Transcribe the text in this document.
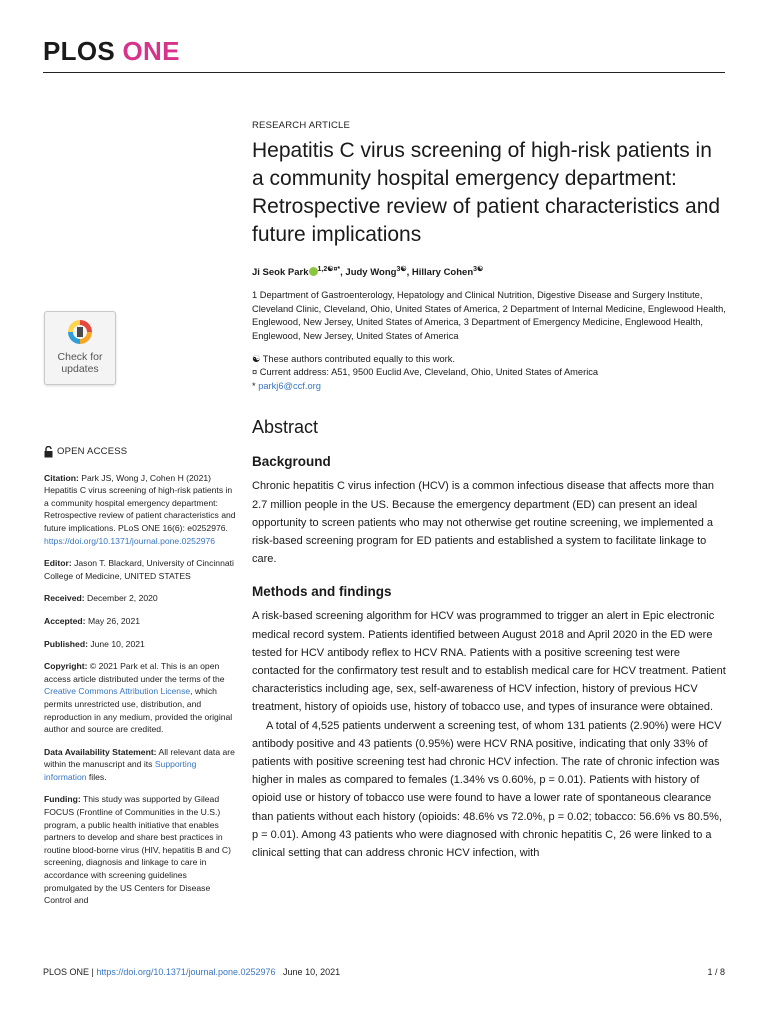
PLOS ONE
Check for
updates
OPEN ACCESS

Citation: Park JS, Wong J, Cohen H (2021) Hepatitis C virus screening of high-risk patients in a community hospital emergency department: Retrospective review of patient characteristics and future implications. PLoS ONE 16(6): e0252976. https://doi.org/10.1371/journal.pone.0252976

Editor: Jason T. Blackard, University of Cincinnati College of Medicine, UNITED STATES

Received: December 2, 2020

Accepted: May 26, 2021

Published: June 10, 2021

Copyright: © 2021 Park et al. This is an open access article distributed under the terms of the Creative Commons Attribution License, which permits unrestricted use, distribution, and reproduction in any medium, provided the original author and source are credited.

Data Availability Statement: All relevant data are within the manuscript and its Supporting information files.

Funding: This study was supported by Gilead FOCUS (Frontline of Communities in the U.S.) program, a public health initiative that enables partners to develop and share best practices in routine blood-borne virus (HIV, hepatitis B and C) screening, diagnosis and linkage to care in accordance with screening guidelines promulgated by the US Centers for Disease Control and

RESEARCH ARTICLE
Hepatitis C virus screening of high-risk patients in a community hospital emergency department: Retrospective review of patient characteristics and future implications
Ji Seok Park $^{1,2☯¤*}$, Judy Wong$^{3☯}$, Hillary Cohen$^{3☯}$
1 Department of Gastroenterology, Hepatology and Clinical Nutrition, Digestive Disease and Surgery Institute, Cleveland Clinic, Cleveland, Ohio, United States of America, 2 Department of Internal Medicine, Englewood Health, Englewood, New Jersey, United States of America, 3 Department of Emergency Medicine, Englewood Health, Englewood, New Jersey, United States of America
☯ These authors contributed equally to this work.
¤ Current address: A51, 9500 Euclid Ave, Cleveland, Ohio, United States of America
* parkj6@ccf.org
Abstract
Background

Chronic hepatitis C virus infection (HCV) is a common infectious disease that affects more than 2.7 million people in the US. Because the emergency department (ED) can present an ideal opportunity to screen patients who may not otherwise get routine screening, we implemented a risk-based screening program for ED patients and established a system to facilitate linkage to care.

Methods and findings

A risk-based screening algorithm for HCV was programmed to trigger an alert in Epic electronic medical record system. Patients identified between August 2018 and April 2020 in the ED were tested for HCV antibody reflex to HCV RNA. Patients with a positive screening test were contacted for the confirmatory test result and to establish medical care for HCV treatment. Patient characteristics including age, sex, self-awareness of HCV infection, history of previous HCV treatment, history of opioids use, history of tobacco use, and types of insurance were obtained.

A total of 4,525 patients underwent a screening test, of whom 131 patients (2.90%) were HCV antibody positive and 43 patients (0.95%) were HCV RNA positive, indicating that only 33% of patients with positive screening test had chronic HCV infection. The rate of chronic infection was higher in males as compared to females (1.34% vs 0.60%, p = 0.01). Patients with history of opioid use or history of tobacco use were found to have a lower rate of spontaneous clearance than patients without each history (opioids: 48.6% vs 72.0%, p = 0.02; tobacco: 56.6% vs 80.5%, p = 0.01). Among 43 patients who were diagnosed with chronic hepatitis C, 26 were linked to a clinical setting that can address chronic HCV infection, with

PLOS ONE | https://doi.org/10.1371/journal.pone.0252976 June 10, 2021	1 / 8
